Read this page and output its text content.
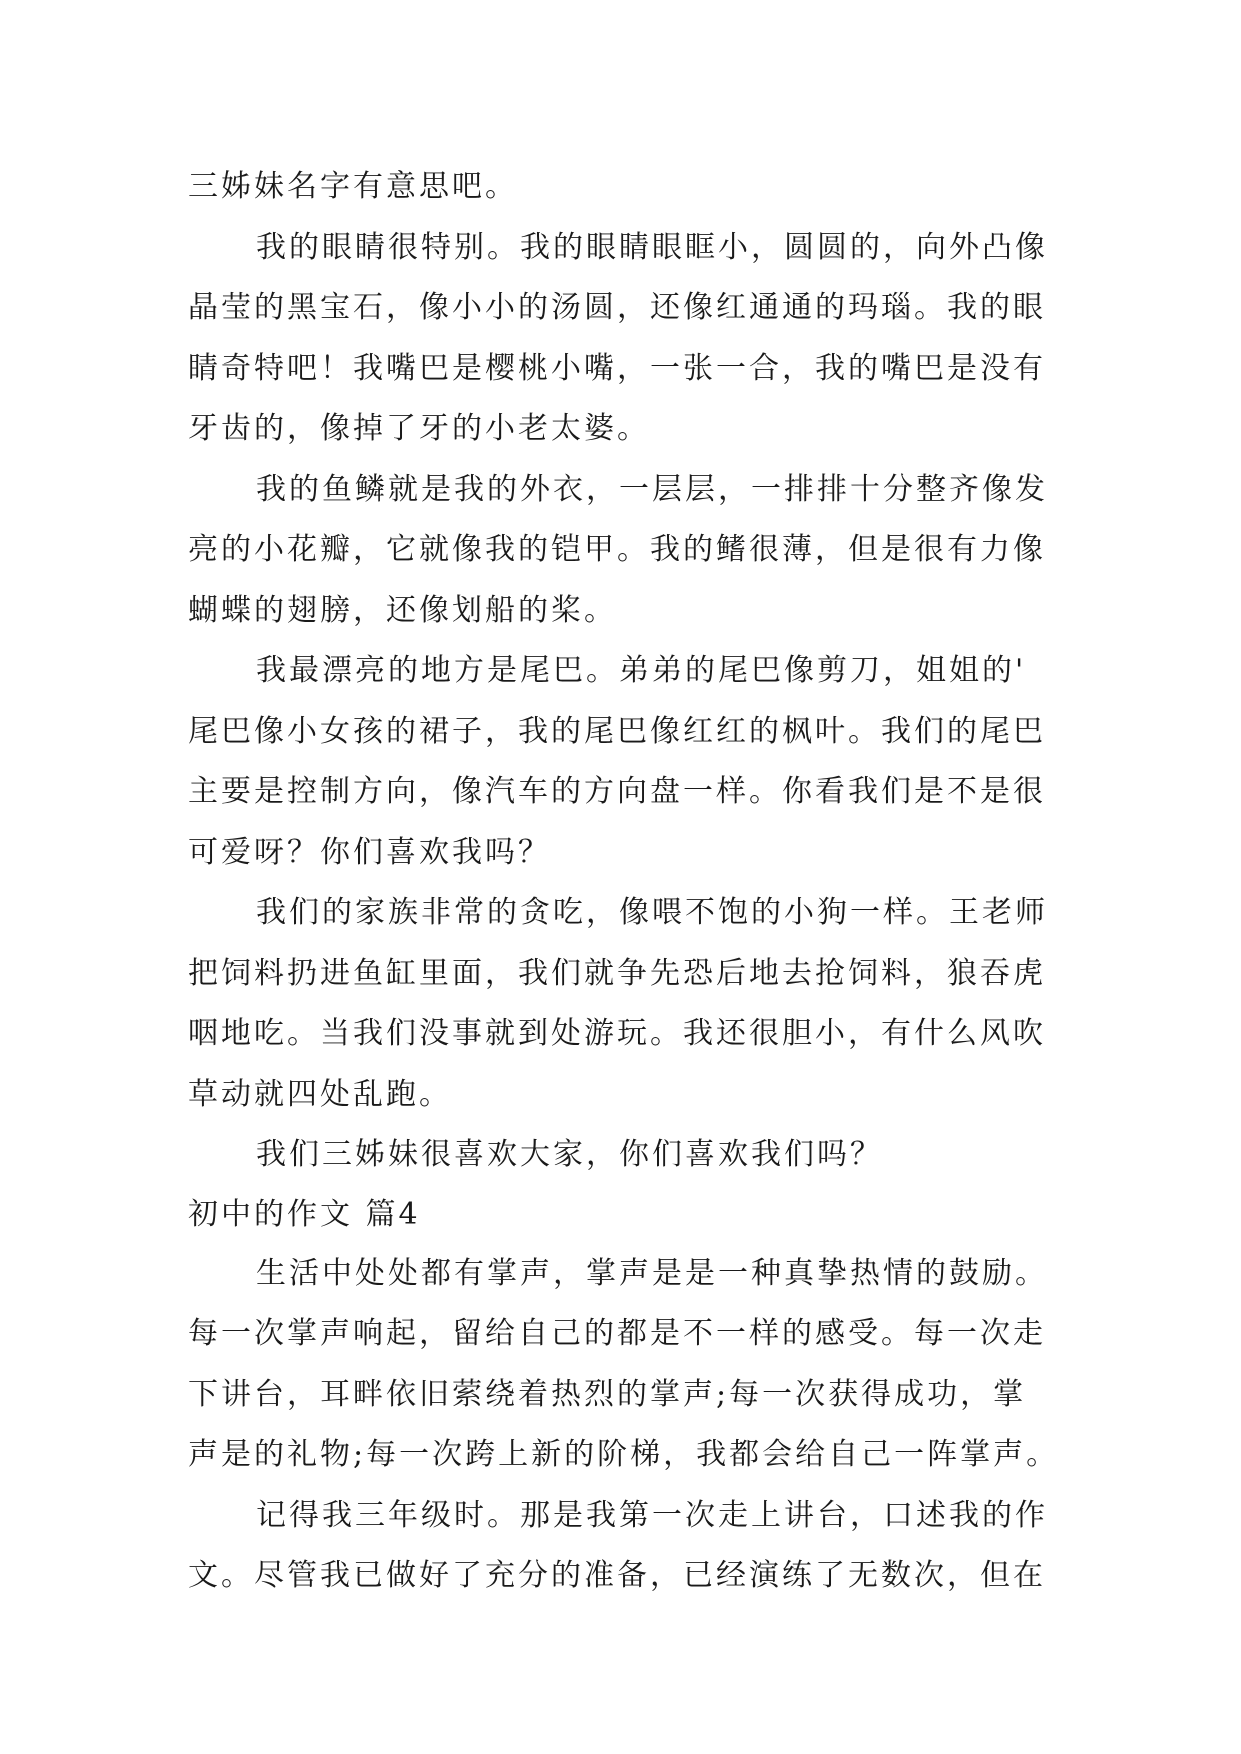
三姊妹名字有意思吧。
我的眼睛很特别。我的眼睛眼眶小，圆圆的，向外凸像
晶莹的黑宝石，像小小的汤圆，还像红通通的玛瑙。我的眼
睛奇特吧！我嘴巴是樱桃小嘴，一张一合，我的嘴巴是没有
牙齿的，像掉了牙的小老太婆。
我的鱼鳞就是我的外衣，一层层，一排排十分整齐像发
亮的小花瓣，它就像我的铠甲。我的鳍很薄，但是很有力像
蝴蝶的翅膀，还像划船的桨。
我最漂亮的地方是尾巴。弟弟的尾巴像剪刀，姐姐的'
尾巴像小女孩的裙子，我的尾巴像红红的枫叶。我们的尾巴
主要是控制方向，像汽车的方向盘一样。你看我们是不是很
可爱呀？你们喜欢我吗？
我们的家族非常的贪吃，像喂不饱的小狗一样。王老师
把饲料扔进鱼缸里面，我们就争先恐后地去抢饲料，狼吞虎
咽地吃。当我们没事就到处游玩。我还很胆小，有什么风吹
草动就四处乱跑。
我们三姊妹很喜欢大家，你们喜欢我们吗？
初中的作文 篇4
生活中处处都有掌声，掌声是是一种真挚热情的鼓励。
每一次掌声响起，留给自己的都是不一样的感受。每一次走
下讲台，耳畔依旧萦绕着热烈的掌声;每一次获得成功，掌
声是的礼物;每一次跨上新的阶梯，我都会给自己一阵掌声。
记得我三年级时。那是我第一次走上讲台，口述我的作
文。尽管我已做好了充分的准备，已经演练了无数次，但在
